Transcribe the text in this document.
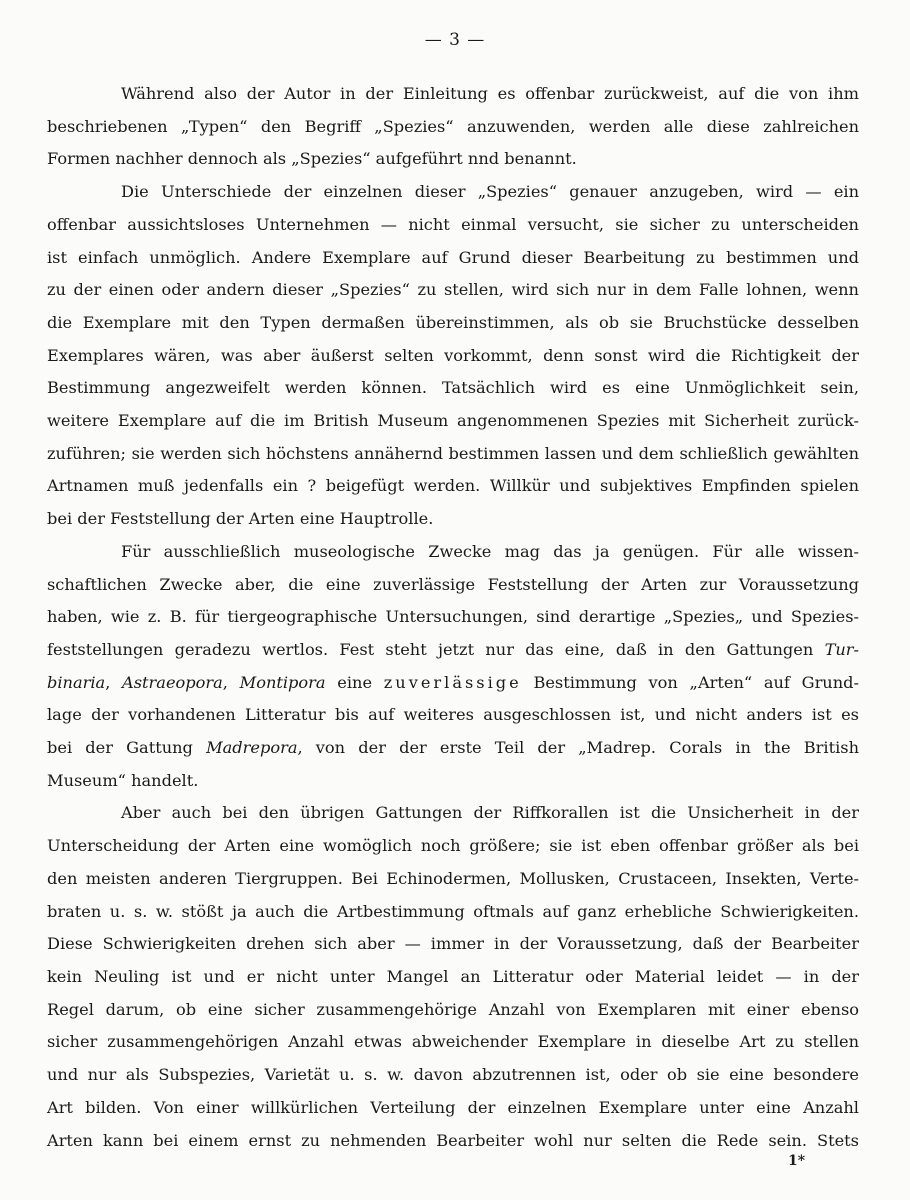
— 3 —
Während also der Autor in der Einleitung es offenbar zurückweist, auf die von ihm
beschriebenen „Typen“ den Begriff „Spezies“ anzuwenden, werden alle diese zahlreichen
Formen nachher dennoch als „Spezies“ aufgeführt nnd benannt.
Die Unterschiede der einzelnen dieser „Spezies“ genauer anzugeben, wird — ein
offenbar aussichtsloses Unternehmen — nicht einmal versucht, sie sicher zu unterscheiden
ist einfach unmöglich. Andere Exemplare auf Grund dieser Bearbeitung zu bestimmen und
zu der einen oder andern dieser „Spezies“ zu stellen, wird sich nur in dem Falle lohnen, wenn
die Exemplare mit den Typen dermaßen übereinstimmen, als ob sie Bruchstücke desselben
Exemplares wären, was aber äußerst selten vorkommt, denn sonst wird die Richtigkeit der
Bestimmung angezweifelt werden können. Tatsächlich wird es eine Unmöglichkeit sein,
weitere Exemplare auf die im British Museum angenommenen Spezies mit Sicherheit zurück-
zuführen; sie werden sich höchstens annähernd bestimmen lassen und dem schließlich gewählten
Artnamen muß jedenfalls ein ? beigefügt werden. Willkür und subjektives Empfinden spielen
bei der Feststellung der Arten eine Hauptrolle.
Für ausschließlich museologische Zwecke mag das ja genügen. Für alle wissen-
schaftlichen Zwecke aber, die eine zuverlässige Feststellung der Arten zur Voraussetzung
haben, wie z. B. für tiergeographische Untersuchungen, sind derartige „Spezies„ und Spezies-
feststellungen geradezu wertlos. Fest steht jetzt nur das eine, daß in den Gattungen Tur-
binaria, Astraeopora, Montipora eine zuverlässige Bestimmung von „Arten“ auf Grund-
lage der vorhandenen Litteratur bis auf weiteres ausgeschlossen ist, und nicht anders ist es
bei der Gattung Madrepora, von der der erste Teil der „Madrep. Corals in the British
Museum“ handelt.
Aber auch bei den übrigen Gattungen der Riffkorallen ist die Unsicherheit in der
Unterscheidung der Arten eine womöglich noch größere; sie ist eben offenbar größer als bei
den meisten anderen Tiergruppen. Bei Echinodermen, Mollusken, Crustaceen, Insekten, Verte-
braten u. s. w. stößt ja auch die Artbestimmung oftmals auf ganz erhebliche Schwierigkeiten.
Diese Schwierigkeiten drehen sich aber — immer in der Voraussetzung, daß der Bearbeiter
kein Neuling ist und er nicht unter Mangel an Litteratur oder Material leidet — in der
Regel darum, ob eine sicher zusammengehörige Anzahl von Exemplaren mit einer ebenso
sicher zusammengehörigen Anzahl etwas abweichender Exemplare in dieselbe Art zu stellen
und nur als Subspezies, Varietät u. s. w. davon abzutrennen ist, oder ob sie eine besondere
Art bilden. Von einer willkürlichen Verteilung der einzelnen Exemplare unter eine Anzahl
Arten kann bei einem ernst zu nehmenden Bearbeiter wohl nur selten die Rede sein. Stets
1*
